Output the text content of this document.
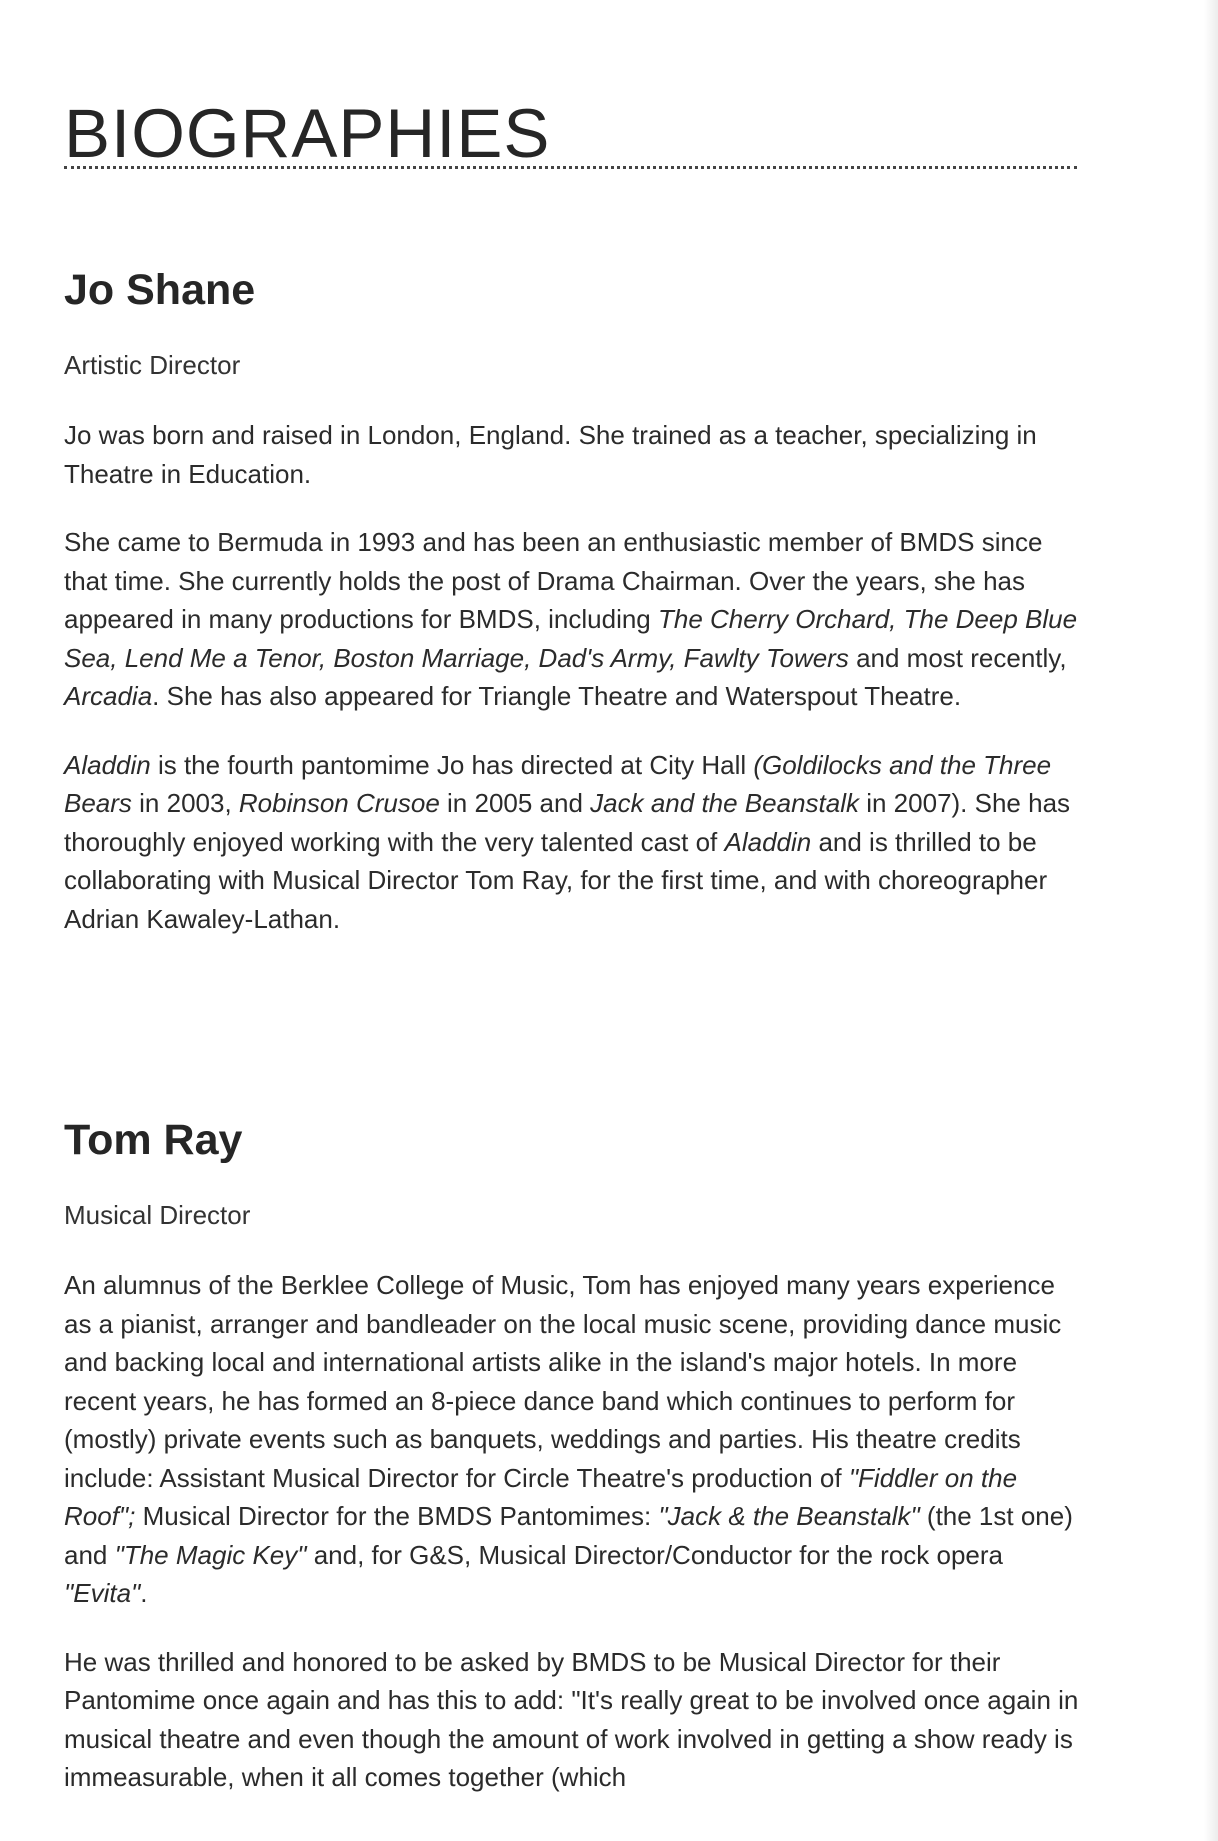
BIOGRAPHIES
Jo Shane

Artistic Director

Jo was born and raised in London, England. She trained as a teacher, specializing in Theatre in Education.

She came to Bermuda in 1993 and has been an enthusiastic member of BMDS since that time. She currently holds the post of Drama Chairman. Over the years, she has appeared in many productions for BMDS, including The Cherry Orchard, The Deep Blue Sea, Lend Me a Tenor, Boston Marriage, Dad's Army, Fawlty Towers and most recently, Arcadia. She has also appeared for Triangle Theatre and Waterspout Theatre.

Aladdin is the fourth pantomime Jo has directed at City Hall (Goldilocks and the Three Bears in 2003, Robinson Crusoe in 2005 and Jack and the Beanstalk in 2007). She has thoroughly enjoyed working with the very talented cast of Aladdin and is thrilled to be collaborating with Musical Director Tom Ray, for the first time, and with choreographer Adrian Kawaley-Lathan.

Tom Ray

Musical Director

An alumnus of the Berklee College of Music, Tom has enjoyed many years experience as a pianist, arranger and bandleader on the local music scene, providing dance music and backing local and international artists alike in the island's major hotels. In more recent years, he has formed an 8-piece dance band which continues to perform for (mostly) private events such as banquets, weddings and parties. His theatre credits include: Assistant Musical Director for Circle Theatre's production of "Fiddler on the Roof"; Musical Director for the BMDS Pantomimes: "Jack & the Beanstalk" (the 1st one) and "The Magic Key" and, for G&S, Musical Director/Conductor for the rock opera "Evita".

He was thrilled and honored to be asked by BMDS to be Musical Director for their Pantomime once again and has this to add: "It's really great to be involved once again in musical theatre and even though the amount of work involved in getting a show ready is immeasurable, when it all comes together (which
